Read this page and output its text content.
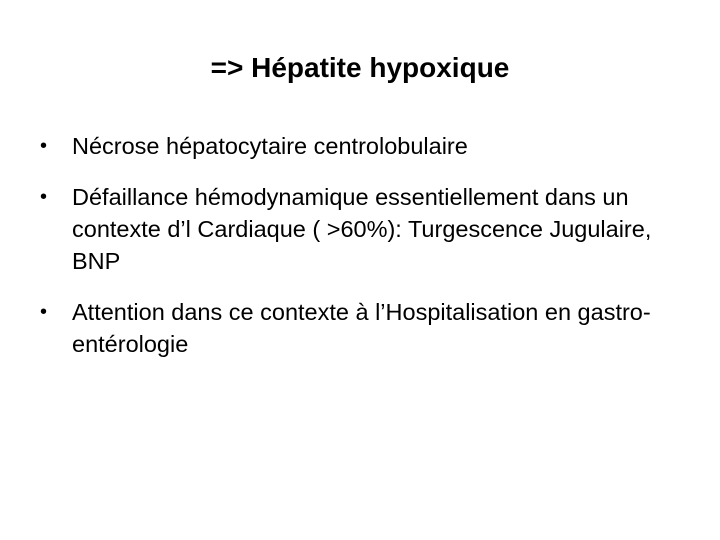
=> Hépatite hypoxique
•	Nécrose hépatocytaire centrolobulaire
•	Défaillance hémodynamique essentiellement dans un contexte d’l Cardiaque ( >60%): Turgescence Jugulaire, BNP
•	Attention dans ce contexte à l’Hospitalisation en gastro-entérologie
